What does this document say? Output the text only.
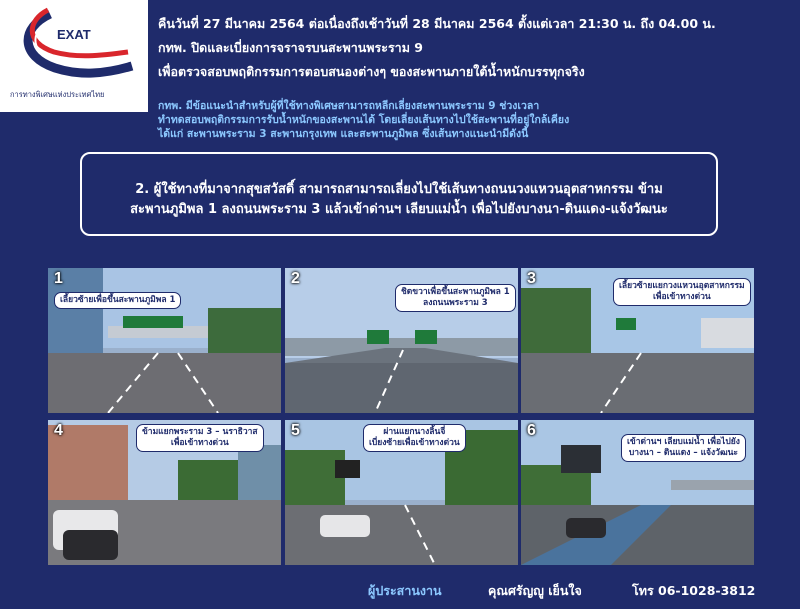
EXAT
การทางพิเศษแห่งประเทศไทย
คืนวันที่ 27 มีนาคม 2564 ต่อเนื่องถึงเช้าวันที่ 28 มีนาคม 2564 ตั้งแต่เวลา 21:30 น. ถึง 04.00 น.
กทพ. ปิดและเบี่ยงการจราจรบนสะพานพระราม 9
เพื่อตรวจสอบพฤติกรรมการตอบสนองต่างๆ ของสะพานภายใต้น้ำหนักบรรทุกจริง
กทพ. มีข้อแนะนำสำหรับผู้ที่ใช้ทางพิเศษสามารถหลีกเลี่ยงสะพานพระราม 9 ช่วงเวลา
ทำทดสอบพฤติกรรมการรับน้ำหนักของสะพานได้ โดยเลี่ยงเส้นทางไปใช้สะพานที่อยู่ใกล้เคียง
ได้แก่ สะพานพระราม 3 สะพานกรุงเทพ และสะพานภูมิพล ซึ่งเส้นทางแนะนำมีดังนี้
2. ผู้ใช้ทางที่มาจากสุขสวัสดิ์ สามารถสามารถเลี่ยงไปใช้เส้นทางถนนวงแหวนอุตสาหกรรม ข้าม
สะพานภูมิพล 1 ลงถนนพระราม 3 แล้วเข้าด่านฯ เลียบแม่น้ำ เพื่อไปยังบางนา-ดินแดง-แจ้งวัฒนะ
1
เลี้ยวซ้ายเพื่อขึ้นสะพานภูมิพล 1
2
ชิดขวาเพื่อขึ้นสะพานภูมิพล 1
ลงถนนพระราม 3
3	เลี้ยวซ้ายแยกวงแหวนอุตสาหกรรม
เพื่อเข้าทางด่วน
4	ข้ามแยกพระราม 3 – นราธิวาส
เพื่อเข้าทางด่วน
5	ผ่านแยกนางลิ้นจี่
เบี่ยงซ้ายเพื่อเข้าทางด่วน
6
เข้าด่านฯ เลียบแม่น้ำ เพื่อไปยัง
บางนา – ดินแดง – แจ้งวัฒนะ
ผู้ประสานงาน	คุณศรัญญู เย็นใจ	โทร 06-1028-3812
